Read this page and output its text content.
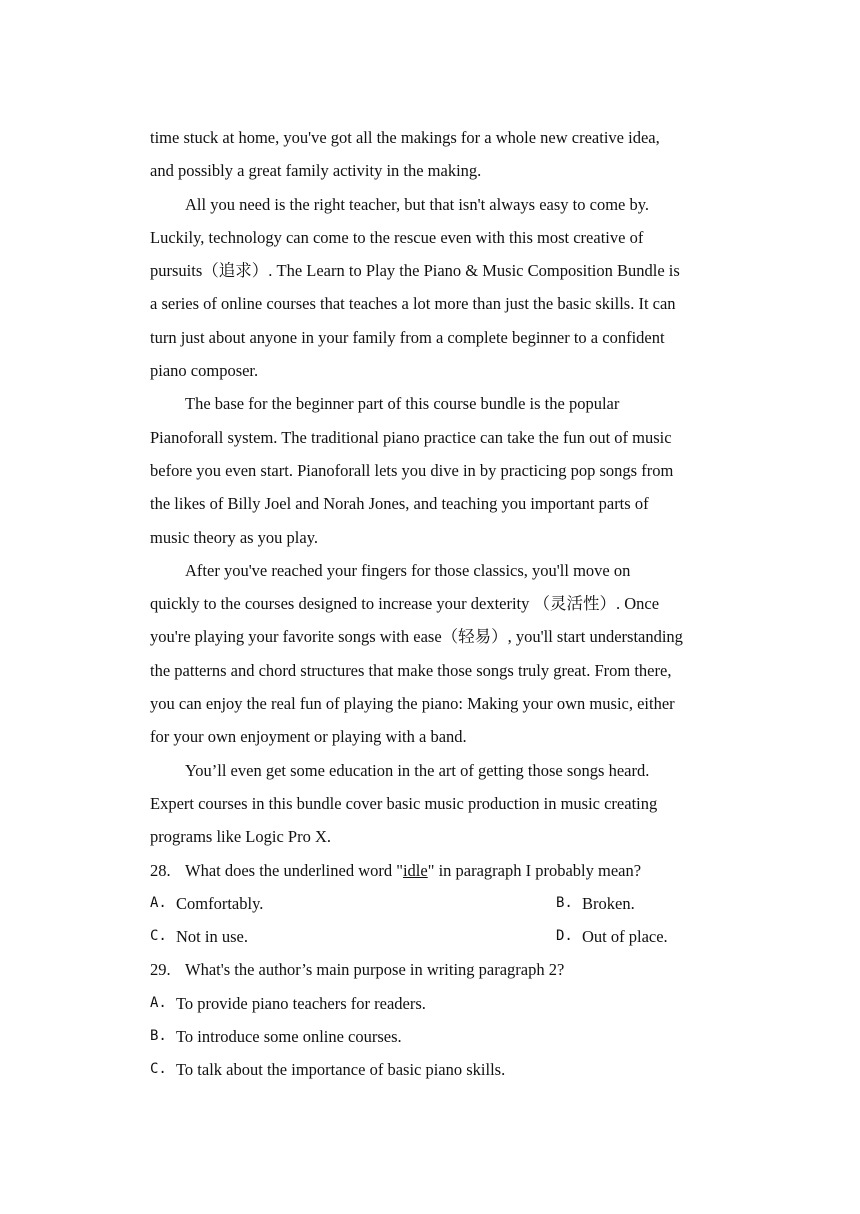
time stuck at home, you've got all the makings for a whole new creative idea,
and possibly a great family activity in the making.
All you need is the right teacher, but that isn't always easy to come by.
Luckily, technology can come to the rescue even with this most creative of
pursuits（追求）. The Learn to Play the Piano & Music Composition Bundle is
a series of online courses that teaches a lot more than just the basic skills. It can
turn just about anyone in your family from a complete beginner to a confident
piano composer.
The base for the beginner part of this course bundle is the popular
Pianoforall system. The traditional piano practice can take the fun out of music
before you even start. Pianoforall lets you dive in by practicing pop songs from
the likes of Billy Joel and Norah Jones, and teaching you important parts of
music theory as you play.
After you've reached your fingers for those classics, you'll move on
quickly to the courses designed to increase your dexterity （灵活性）. Once
you're playing your favorite songs with ease（轻易）, you'll start understanding
the patterns and chord structures that make those songs truly great. From there,
you can enjoy the real fun of playing the piano: Making your own music, either
for your own enjoyment or playing with a band.
You’ll even get some education in the art of getting those songs heard.
Expert courses in this bundle cover basic music production in music creating
programs like Logic Pro X.
28. What does the underlined word "idle" in paragraph I probably mean?
A. Comfortably.	B. Broken.
C. Not in use.	D. Out of place.
29. What's the author’s main purpose in writing paragraph 2?
A. To provide piano teachers for readers.
B. To introduce some online courses.
C. To talk about the importance of basic piano skills.
